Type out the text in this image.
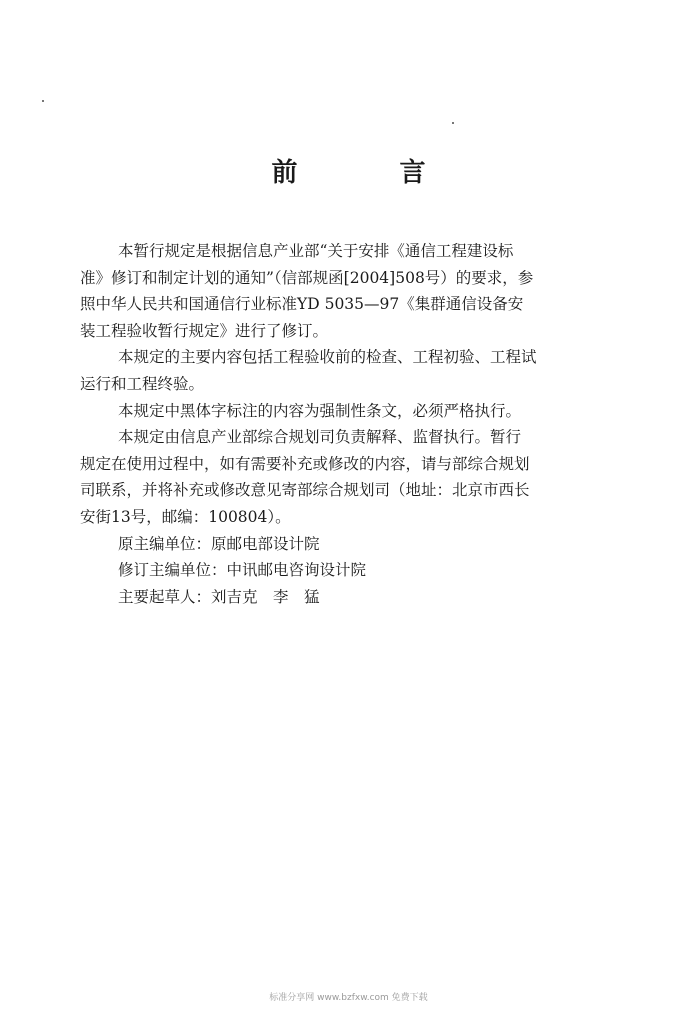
前　言

本暂行规定是根据信息产业部“关于安排《通信工程建设标
准》修订和制定计划的通知”（信部规函[2004]508号）的要求，参
照中华人民共和国通信行业标准YD 5035—97《集群通信设备安
装工程验收暂行规定》进行了修订。

本规定的主要内容包括工程验收前的检查、工程初验、工程试
运行和工程终验。

本规定中黑体字标注的内容为强制性条文，必须严格执行。

本规定由信息产业部综合规划司负责解释、监督执行。暂行
规定在使用过程中，如有需要补充或修改的内容，请与部综合规划
司联系，并将补充或修改意见寄部综合规划司（地址：北京市西长
安街13号，邮编：100804）。

原主编单位：原邮电部设计院
修订主编单位：中讯邮电咨询设计院
主要起草人：刘吉克　李　猛

标准分享网 www.bzfxw.com 免费下载
